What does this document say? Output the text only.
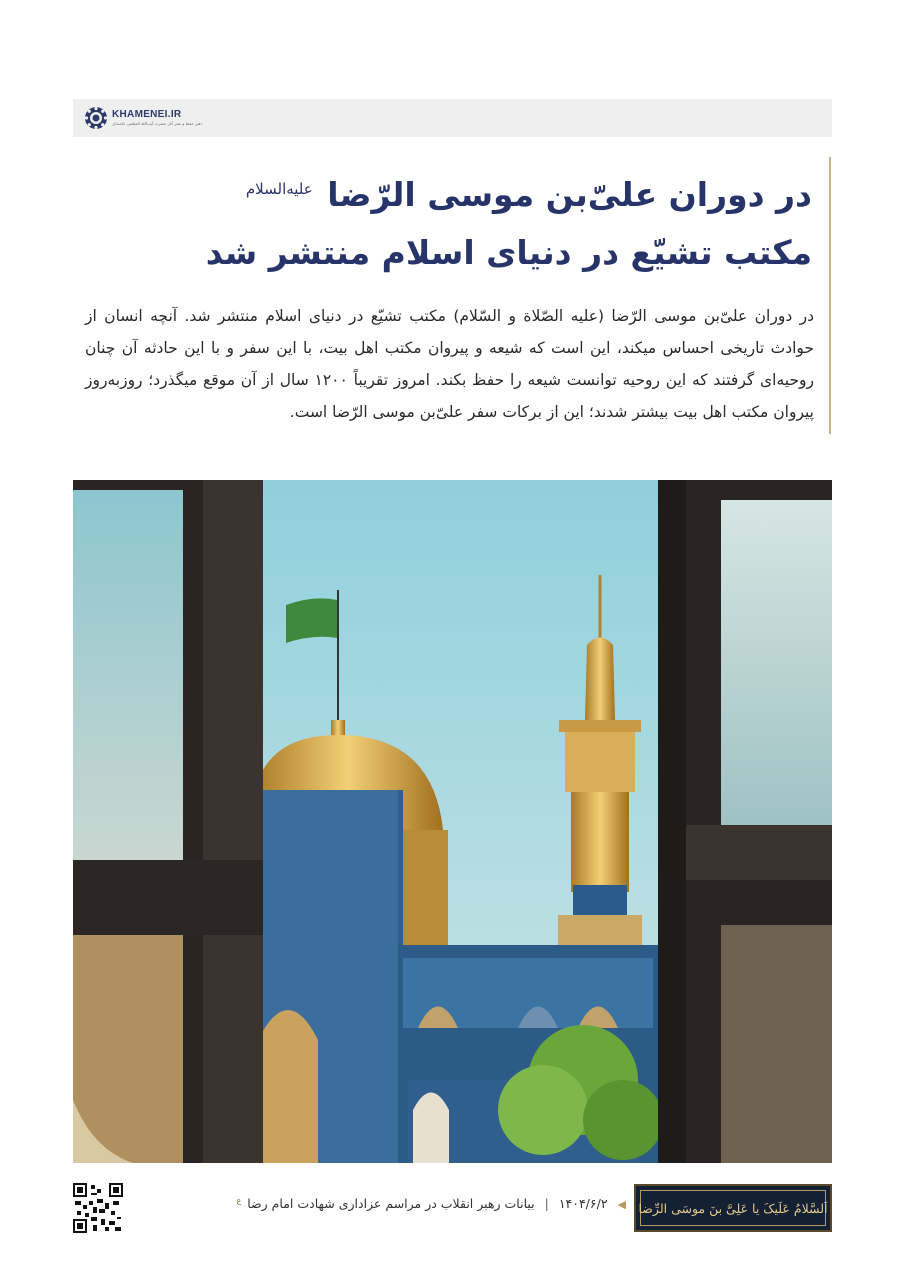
KHAMENEI.IR
دفتر حفظ و نشر آثار حضرت آیت‌الله العظمی خامنه‌ای
در دوران علیّ‌بن موسی الرّضا $^{علیه‌السلام}$
مکتب تشیّع در دنیای اسلام منتشر شد

در دوران علیّ‌بن موسی الرّضا (علیه الصّلاة و السّلام) مکتب تشیّع در دنیای اسلام منتشر شد. آنچه انسان از حوادث تاریخی احساس میکند، این است که شیعه و پیروان مکتب اهل بیت، با این سفر و با این حادثه آن چنان روحیه‌ای گرفتند که این روحیه توانست شیعه را حفظ بکند. امروز تقریباً ۱۲۰۰ سال از آن موقع میگذرد؛ روزبه‌روز پیروان مکتب اهل بیت بیشتر شدند؛ این از برکات سفر علیّ‌بن موسی الرّضا است.

◀ ۱۴۰۴/۶/۲ | بیانات رهبر انقلاب در مراسم عزاداری شهادت امام رضا $^ع$	اَلسَّلامُ عَلَیکَ یا عَلِیَّ بنَ موسَی الرِّضا
